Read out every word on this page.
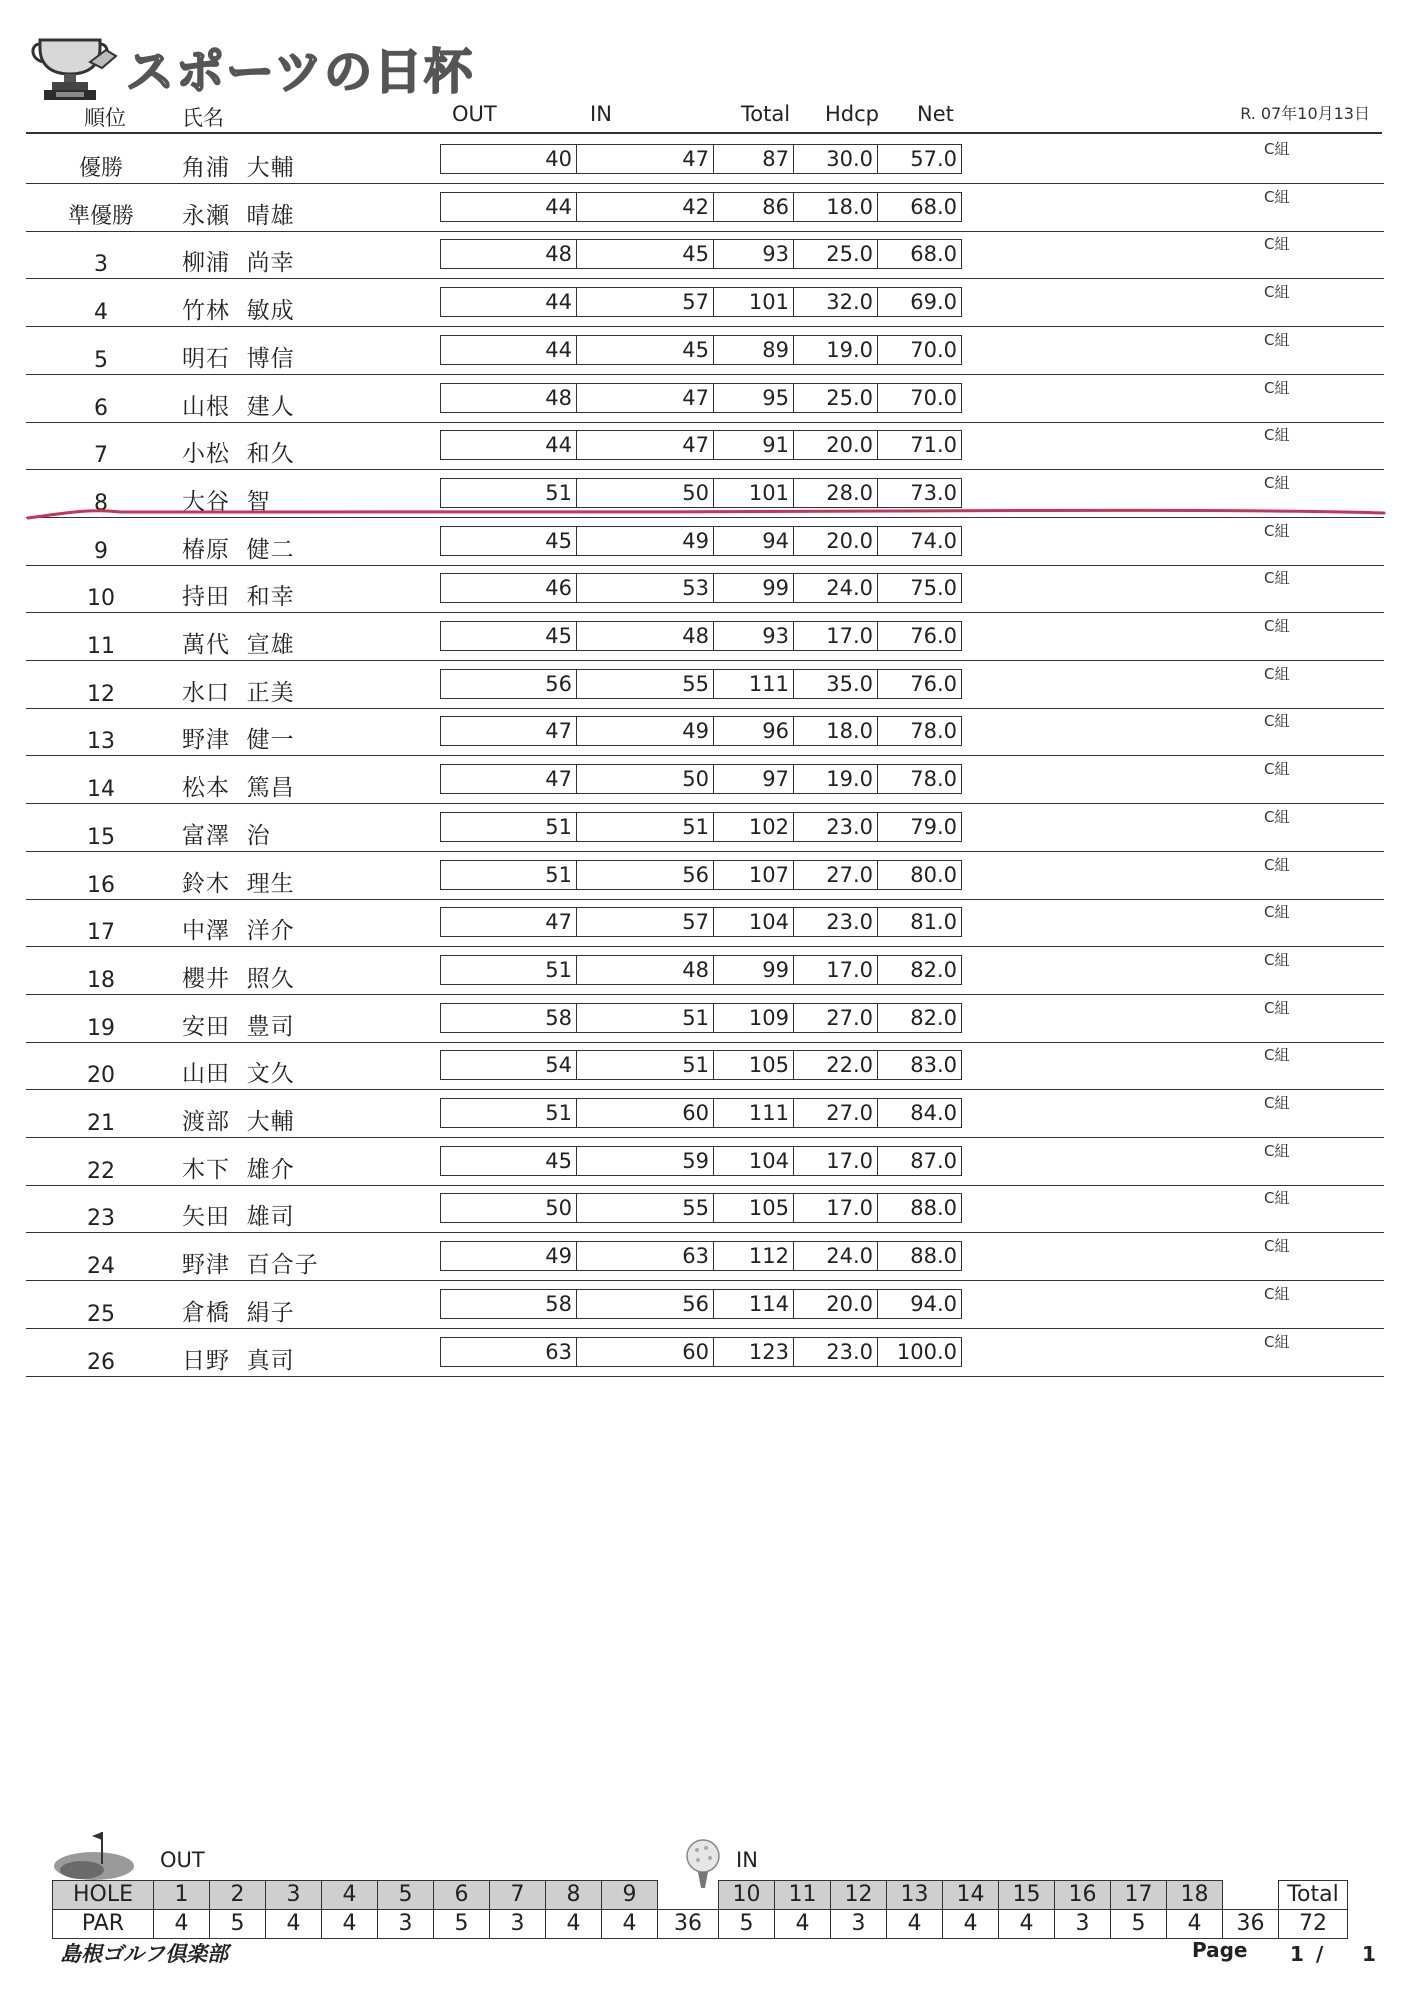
スポーツの日杯
順位	氏名	OUT	IN	Total Hdcp Net	R. 07年10月13日
優勝	角浦  大輔	40	47	87	30.0	57.0	C組
準優勝	永瀬  晴雄	44	42	86	18.0	68.0	C組
3	柳浦  尚幸	48	45	93	25.0	68.0	C組
4	竹林  敏成	44	57	101	32.0	69.0	C組
5	明石  博信	44	45	89	19.0	70.0	C組
6	山根  建人	48	47	95	25.0	70.0	C組
7	小松  和久	44	47	91	20.0	71.0	C組
8	大谷  智	51	50	101	28.0	73.0	C組
9	椿原  健二	45	49	94	20.0	74.0	C組
10	持田  和幸	46	53	99	24.0	75.0	C組
11	萬代  宣雄	45	48	93	17.0	76.0	C組
12	水口  正美	56	55	111	35.0	76.0	C組
13	野津  健一	47	49	96	18.0	78.0	C組
14	松本  篤昌	47	50	97	19.0	78.0	C組
15	富澤  治	51	51	102	23.0	79.0	C組
16	鈴木  理生	51	56	107	27.0	80.0	C組
17	中澤  洋介	47	57	104	23.0	81.0	C組
18	櫻井  照久	51	48	99	17.0	82.0	C組
19	安田  豊司	58	51	109	27.0	82.0	C組
20	山田  文久	54	51	105	22.0	83.0	C組
21	渡部  大輔	51	60	111	27.0	84.0	C組
22	木下  雄介	45	59	104	17.0	87.0	C組
23	矢田  雄司	50	55	105	17.0	88.0	C組
24	野津  百合子	49	63	112	24.0	88.0	C組
25	倉橋  絹子	58	56	114	20.0	94.0	C組
26	日野  真司	63	60	123	23.0	100.0	C組
OUT	IN
HOLE	1	2	3	4	5	6	7	8	9		10	11	12	13	14	15	16	17	18		Total
PAR	4	5	4	4	3	5	3	4	4	36	5	4	3	4	4	4	3	5	4	36	72
島根ゴルフ倶楽部	Page 1 / 1
